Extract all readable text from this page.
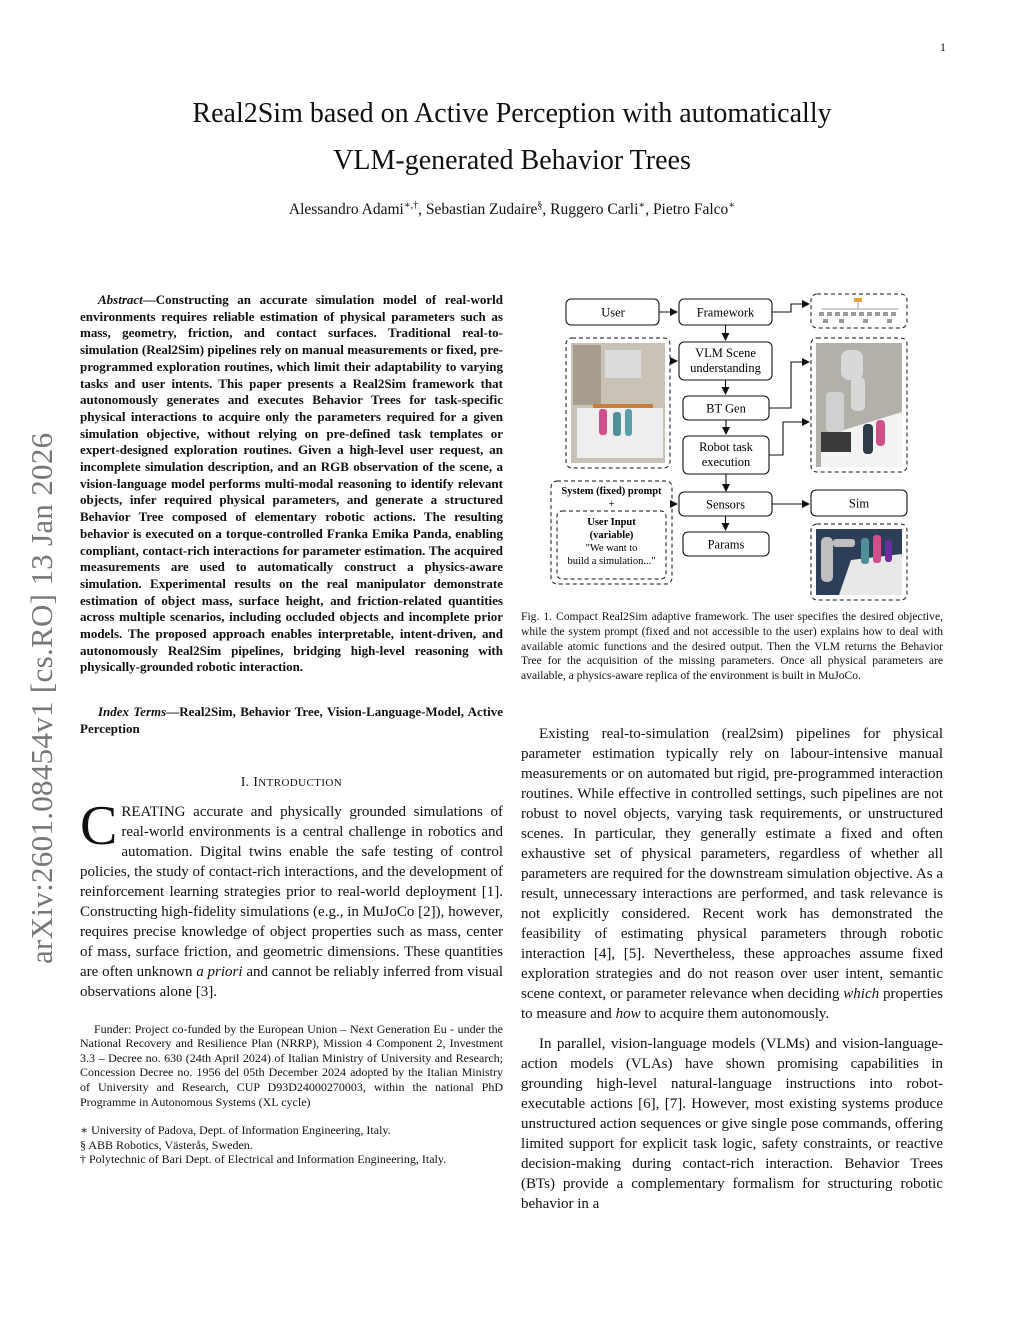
1
arXiv:2601.08454v1 [cs.RO] 13 Jan 2026
Real2Sim based on Active Perception with automatically
VLM-generated Behavior Trees
Alessandro Adami∗,†, Sebastian Zudaire§, Ruggero Carli∗, Pietro Falco∗

Abstract—Constructing an accurate simulation model of real-world environments requires reliable estimation of physical parameters such as mass, geometry, friction, and contact surfaces. Traditional real-to-simulation (Real2Sim) pipelines rely on manual measurements or fixed, pre-programmed exploration routines, which limit their adaptability to varying tasks and user intents. This paper presents a Real2Sim framework that autonomously generates and executes Behavior Trees for task-specific physical interactions to acquire only the parameters required for a given simulation objective, without relying on pre-defined task templates or expert-designed exploration routines. Given a high-level user request, an incomplete simulation description, and an RGB observation of the scene, a vision-language model performs multi-modal reasoning to identify relevant objects, infer required physical parameters, and generate a structured Behavior Tree composed of elementary robotic actions. The resulting behavior is executed on a torque-controlled Franka Emika Panda, enabling compliant, contact-rich interactions for parameter estimation. The acquired measurements are used to automatically construct a physics-aware simulation. Experimental results on the real manipulator demonstrate estimation of object mass, surface height, and friction-related quantities across multiple scenarios, including occluded objects and incomplete prior models. The proposed approach enables interpretable, intent-driven, and autonomously Real2Sim pipelines, bridging high-level reasoning with physically-grounded robotic interaction.

Index Terms—Real2Sim, Behavior Tree, Vision-Language-Model, Active Perception

I. INTRODUCTION

CREATING accurate and physically grounded simulations of real-world environments is a central challenge in robotics and automation. Digital twins enable the safe testing of control policies, the study of contact-rich interactions, and the development of reinforcement learning strategies prior to real-world deployment [1]. Constructing high-fidelity simulations (e.g., in MuJoCo [2]), however, requires precise knowledge of object properties such as mass, center of mass, surface friction, and geometric dimensions. These quantities are often unknown a priori and cannot be reliably inferred from visual observations alone [3].

Funder: Project co-funded by the European Union – Next Generation Eu - under the National Recovery and Resilience Plan (NRRP), Mission 4 Component 2, Investment 3.3 – Decree no. 630 (24th April 2024) of Italian Ministry of University and Research; Concession Decree no. 1956 del 05th December 2024 adopted by the Italian Ministry of University and Research, CUP D93D24000270003, within the national PhD Programme in Autonomous Systems (XL cycle)

∗ University of Padova, Dept. of Information Engineering, Italy.
§ ABB Robotics, Västerås, Sweden.
† Polytechnic of Bari Dept. of Electrical and Information Engineering, Italy.

User	Framework
VLM Scene
understanding
BT Gen
Robot task
execution
Sensors
Params
Sim
System (fixed) prompt
+
User Input
(variable)
"We want to
build a simulation..."

Fig. 1. Compact Real2Sim adaptive framework. The user specifies the desired objective, while the system prompt (fixed and not accessible to the user) explains how to deal with available atomic functions and the desired output. Then the VLM returns the Behavior Tree for the acquisition of the missing parameters. Once all physical parameters are available, a physics-aware replica of the environment is built in MuJoCo.

Existing real-to-simulation (real2sim) pipelines for physical parameter estimation typically rely on labour-intensive manual measurements or on automated but rigid, pre-programmed interaction routines. While effective in controlled settings, such pipelines are not robust to novel objects, varying task requirements, or unstructured scenes. In particular, they generally estimate a fixed and often exhaustive set of physical parameters, regardless of whether all parameters are required for the downstream simulation objective. As a result, unnecessary interactions are performed, and task relevance is not explicitly considered. Recent work has demonstrated the feasibility of estimating physical parameters through robotic interaction [4], [5]. Nevertheless, these approaches assume fixed exploration strategies and do not reason over user intent, semantic scene context, or parameter relevance when deciding which properties to measure and how to acquire them autonomously.

In parallel, vision-language models (VLMs) and vision-language-action models (VLAs) have shown promising capabilities in grounding high-level natural-language instructions into robot-executable actions [6], [7]. However, most existing systems produce unstructured action sequences or give single pose commands, offering limited support for explicit task logic, safety constraints, or reactive decision-making during contact-rich interaction. Behavior Trees (BTs) provide a complementary formalism for structuring robotic behavior in a
